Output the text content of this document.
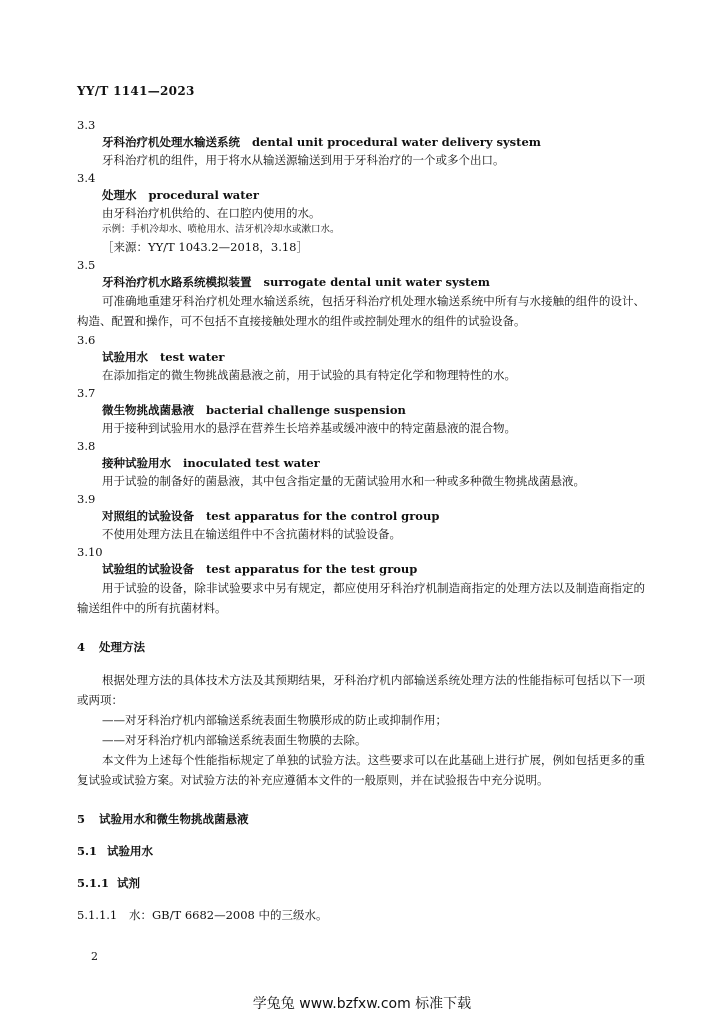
YY/T 1141—2023
3.3
牙科治疗机处理水输送系统 dental unit procedural water delivery system
牙科治疗机的组件，用于将水从输送源输送到用于牙科治疗的一个或多个出口。
3.4
处理水 procedural water
由牙科治疗机供给的、在口腔内使用的水。
示例：手机冷却水、喷枪用水、洁牙机冷却水或漱口水。
［来源：YY/T 1043.2—2018，3.18］
3.5
牙科治疗机水路系统模拟装置 surrogate dental unit water system
可准确地重建牙科治疗机处理水输送系统，包括牙科治疗机处理水输送系统中所有与水接触的组件的设计、构造、配置和操作，可不包括不直接接触处理水的组件或控制处理水的组件的试验设备。
3.6
试验用水 test water
在添加指定的微生物挑战菌悬液之前，用于试验的具有特定化学和物理特性的水。
3.7
微生物挑战菌悬液 bacterial challenge suspension
用于接种到试验用水的悬浮在营养生长培养基或缓冲液中的特定菌悬液的混合物。
3.8
接种试验用水 inoculated test water
用于试验的制备好的菌悬液，其中包含指定量的无菌试验用水和一种或多种微生物挑战菌悬液。
3.9
对照组的试验设备 test apparatus for the control group
不使用处理方法且在输送组件中不含抗菌材料的试验设备。
3.10
试验组的试验设备 test apparatus for the test group
用于试验的设备，除非试验要求中另有规定，都应使用牙科治疗机制造商指定的处理方法以及制造商指定的输送组件中的所有抗菌材料。
4 处理方法
根据处理方法的具体技术方法及其预期结果，牙科治疗机内部输送系统处理方法的性能指标可包括以下一项或两项：
——对牙科治疗机内部输送系统表面生物膜形成的防止或抑制作用；
——对牙科治疗机内部输送系统表面生物膜的去除。
本文件为上述每个性能指标规定了单独的试验方法。这些要求可以在此基础上进行扩展，例如包括更多的重复试验或试验方案。对试验方法的补充应遵循本文件的一般原则，并在试验报告中充分说明。
5 试验用水和微生物挑战菌悬液
5.1 试验用水
5.1.1 试剂
5.1.1.1 水：GB/T 6682—2008 中的三级水。
2
学兔兔 www.bzfxw.com 标准下载
